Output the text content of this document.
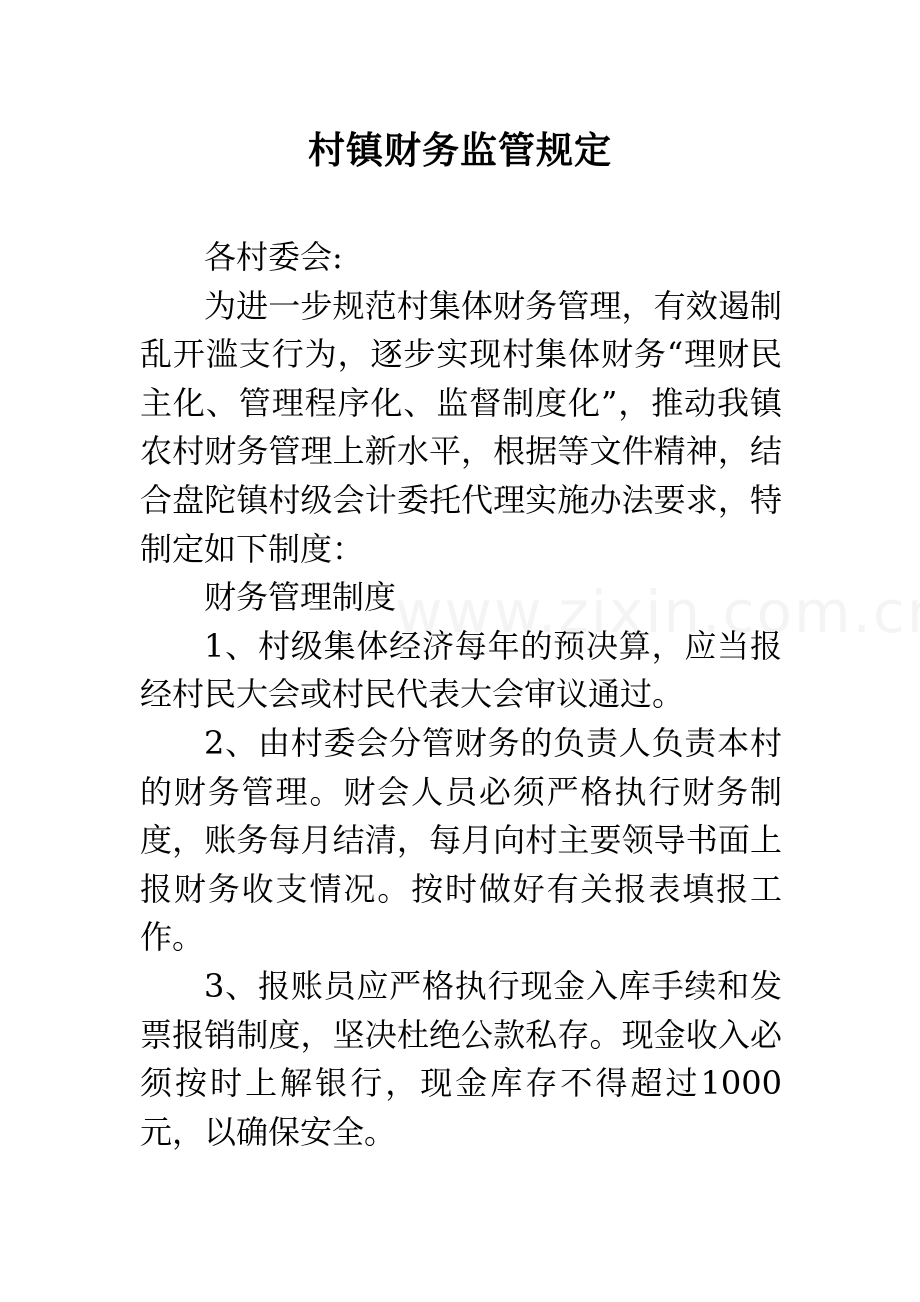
村镇财务监管规定

各村委会:

为进一步规范村集体财务管理，有效遏制乱开滥支行为，逐步实现村集体财务“理财民主化、管理程序化、监督制度化”，推动我镇农村财务管理上新水平，根据等文件精神，结合盘陀镇村级会计委托代理实施办法要求，特制定如下制度：

财务管理制度

1、村级集体经济每年的预决算，应当报经村民大会或村民代表大会审议通过。

2、由村委会分管财务的负责人负责本村的财务管理。财会人员必须严格执行财务制度，账务每月结清，每月向村主要领导书面上报财务收支情况。按时做好有关报表填报工作。

3、报账员应严格执行现金入库手续和发票报销制度，坚决杜绝公款私存。现金收入必须按时上解银行，现金库存不得超过1000 元，以确保安全。
